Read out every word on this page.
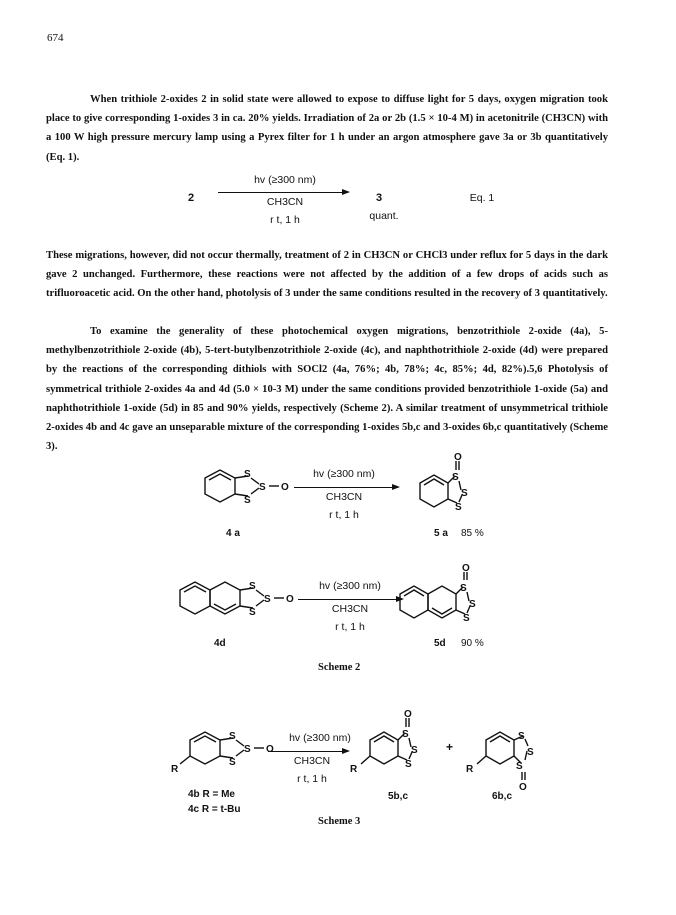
674
When trithiole 2-oxides 2 in solid state were allowed to expose to diffuse light for 5 days, oxygen migration took place to give corresponding 1-oxides 3 in ca. 20% yields. Irradiation of 2a or 2b (1.5 × 10-4 M) in acetonitrile (CH3CN) with a 100 W high pressure mercury lamp using a Pyrex filter for 1 h under an argon atmosphere gave 3a or 3b quantitatively (Eq. 1).
2
hv (≥300 nm)
CH3CN
r t, 1 h
3
quant.
Eq. 1
These migrations, however, did not occur thermally, treatment of 2 in CH3CN or CHCl3 under reflux for 5 days in the dark gave 2 unchanged. Furthermore, these reactions were not affected by the addition of a few drops of acids such as trifluoroacetic acid. On the other hand, photolysis of 3 under the same conditions resulted in the recovery of 3 quantitatively.
To examine the generality of these photochemical oxygen migrations, benzotrithiole 2-oxide (4a), 5-methylbenzotrithiole 2-oxide (4b), 5-tert-butylbenzotrithiole 2-oxide (4c), and naphthotrithiole 2-oxide (4d) were prepared by the reactions of the corresponding dithiols with SOCl2 (4a, 76%; 4b, 78%; 4c, 85%; 4d, 82%).5,6 Photolysis of symmetrical trithiole 2-oxides 4a and 4d (5.0 × 10-3 M) under the same conditions provided benzotrithiole 1-oxide (5a) and naphthotrithiole 1-oxide (5d) in 85 and 90% yields, respectively (Scheme 2). A similar treatment of unsymmetrical trithiole 2-oxides 4b and 4c gave an unseparable mixture of the corresponding 1-oxides 5b,c and 3-oxides 6b,c quantitatively (Scheme 3).
S
S
S O
S
S
S
O
S
S
S O
S
S
S
O
S
S
S O
R
S
S
S
O
R
S
S
S
O
R
hv (≥300 nm)
CH3CN
r t, 1 h
4 a	5 a 85 %
hv (≥300 nm)
CH3CN
r t, 1 h
4d	5d 90 %
Scheme 2
hv (≥300 nm)
CH3CN
r t, 1 h
+
4b R = Me
4c R = t-Bu
5b,c	6b,c
Scheme 3
